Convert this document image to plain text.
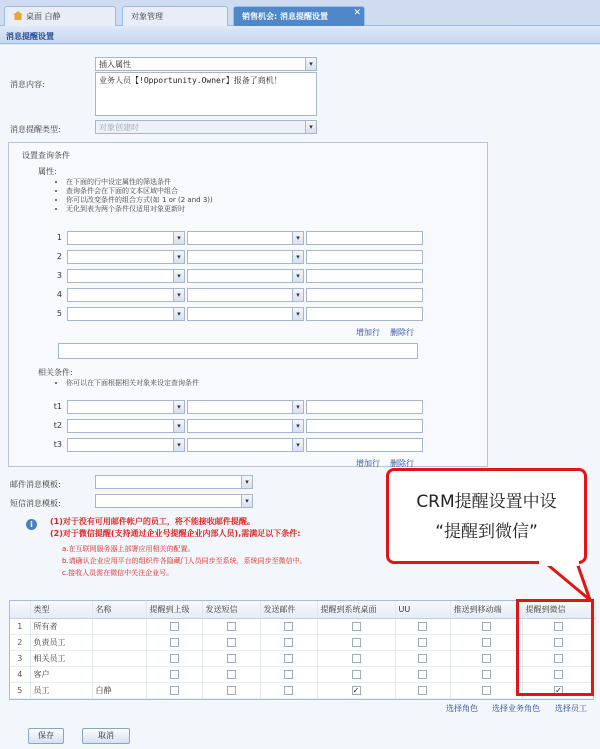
桌面 白静	对象管理	销售机会: 消息提醒设置	✕
消息提醒设置
插入属性	▾
消息内容:
业务人员【!Opportunity.Owner】报备了商机！
消息提醒类型:	对象创建时	▾
设置查询条件
属性:
• 在下面的行中设定属性的筛选条件
• 查询条件会在下面的文本区域中组合
• 你可以改变条件的组合方式(如 1 or (2 and 3))
• 无化到表为两个条件仅适用对象更新时
1	▾	▾
2	▾	▾
3	▾	▾
4	▾	▾
5	▾	▾
增加行 删除行
相关条件:
• 你可以在下面根据相关对象来设定查询条件
t1	▾	▾
t2	▾	▾
t3	▾	▾
增加行 删除行
邮件消息模板:	▾
短信消息模板:	▾
i	(1)对于没有可用邮件帐户的员工，将不能接收邮件提醒。
(2)对于微信提醒(支持通过企业号提醒企业内部人员),需满足以下条件:
a.在互联网服务器上部署应用相关的配置。
b.请确认企业应用平台的组织件各隐藏门人员同步至系统，系统同步至微信中。
c.接收人员需在微信中关注企业号。
CRM提醒设置中设
“提醒到微信”
	类型	名称	提醒到上级	发送短信	发送邮件	提醒到系统桌面	UU	推送到移动端	提醒到微信
1	所有者								
2	负责员工								
3	相关员工								
4	客户								
5	员工	白静				✓			✓
选择角色 选择业务角色 选择员工
保存	取消
